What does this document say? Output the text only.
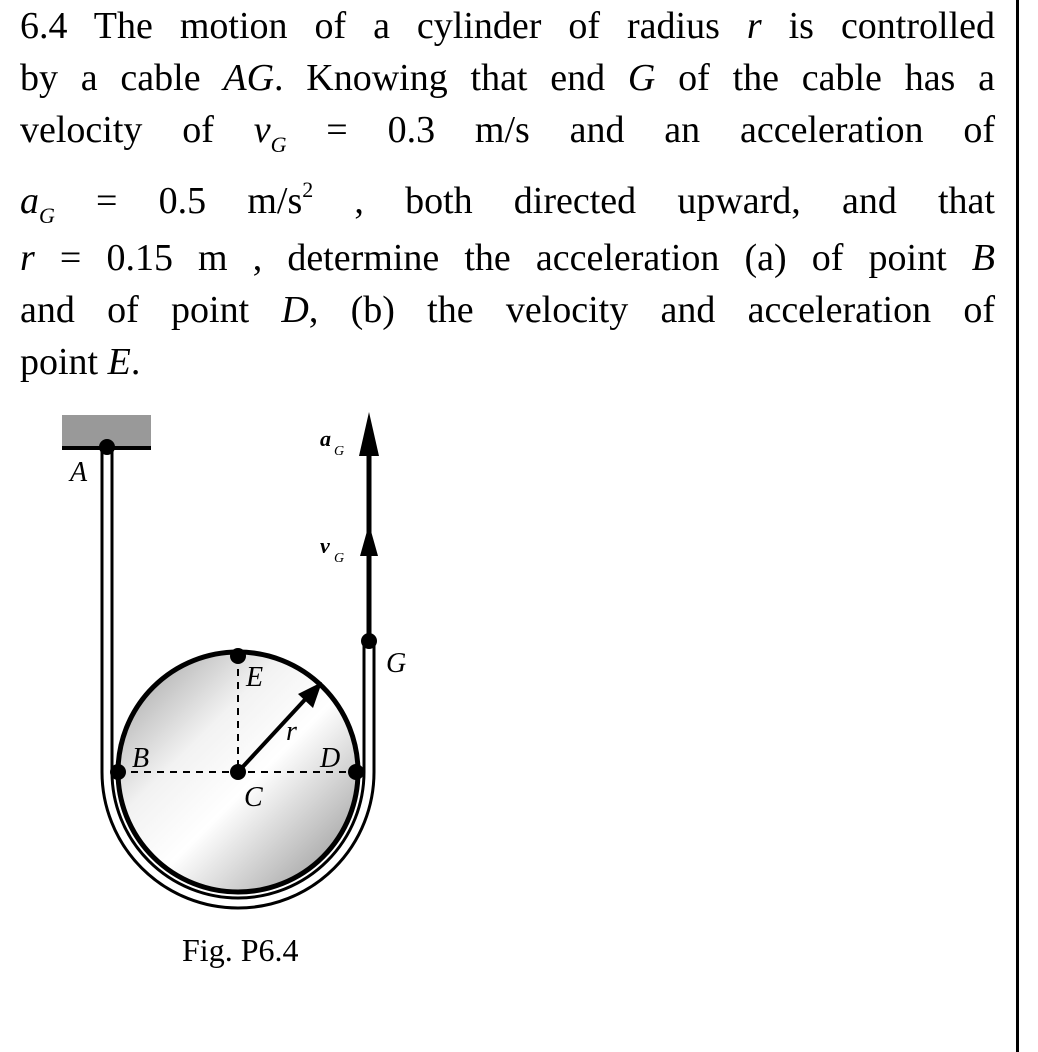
6.4 The motion of a cylinder of radius r is controlled
by a cable AG. Knowing that end G of the cable has a
velocity of $v_G = 0.3$ m/s and an acceleration of
$a_G = 0.5$ $m/s^2$ , both directed upward, and that
r = 0.15 m , determine the acceleration (a) of point B
and of point D, (b) the velocity and acceleration of
point E.

A
E
B	D
C
G
r
a
G
v
G
Fig. P6.4
